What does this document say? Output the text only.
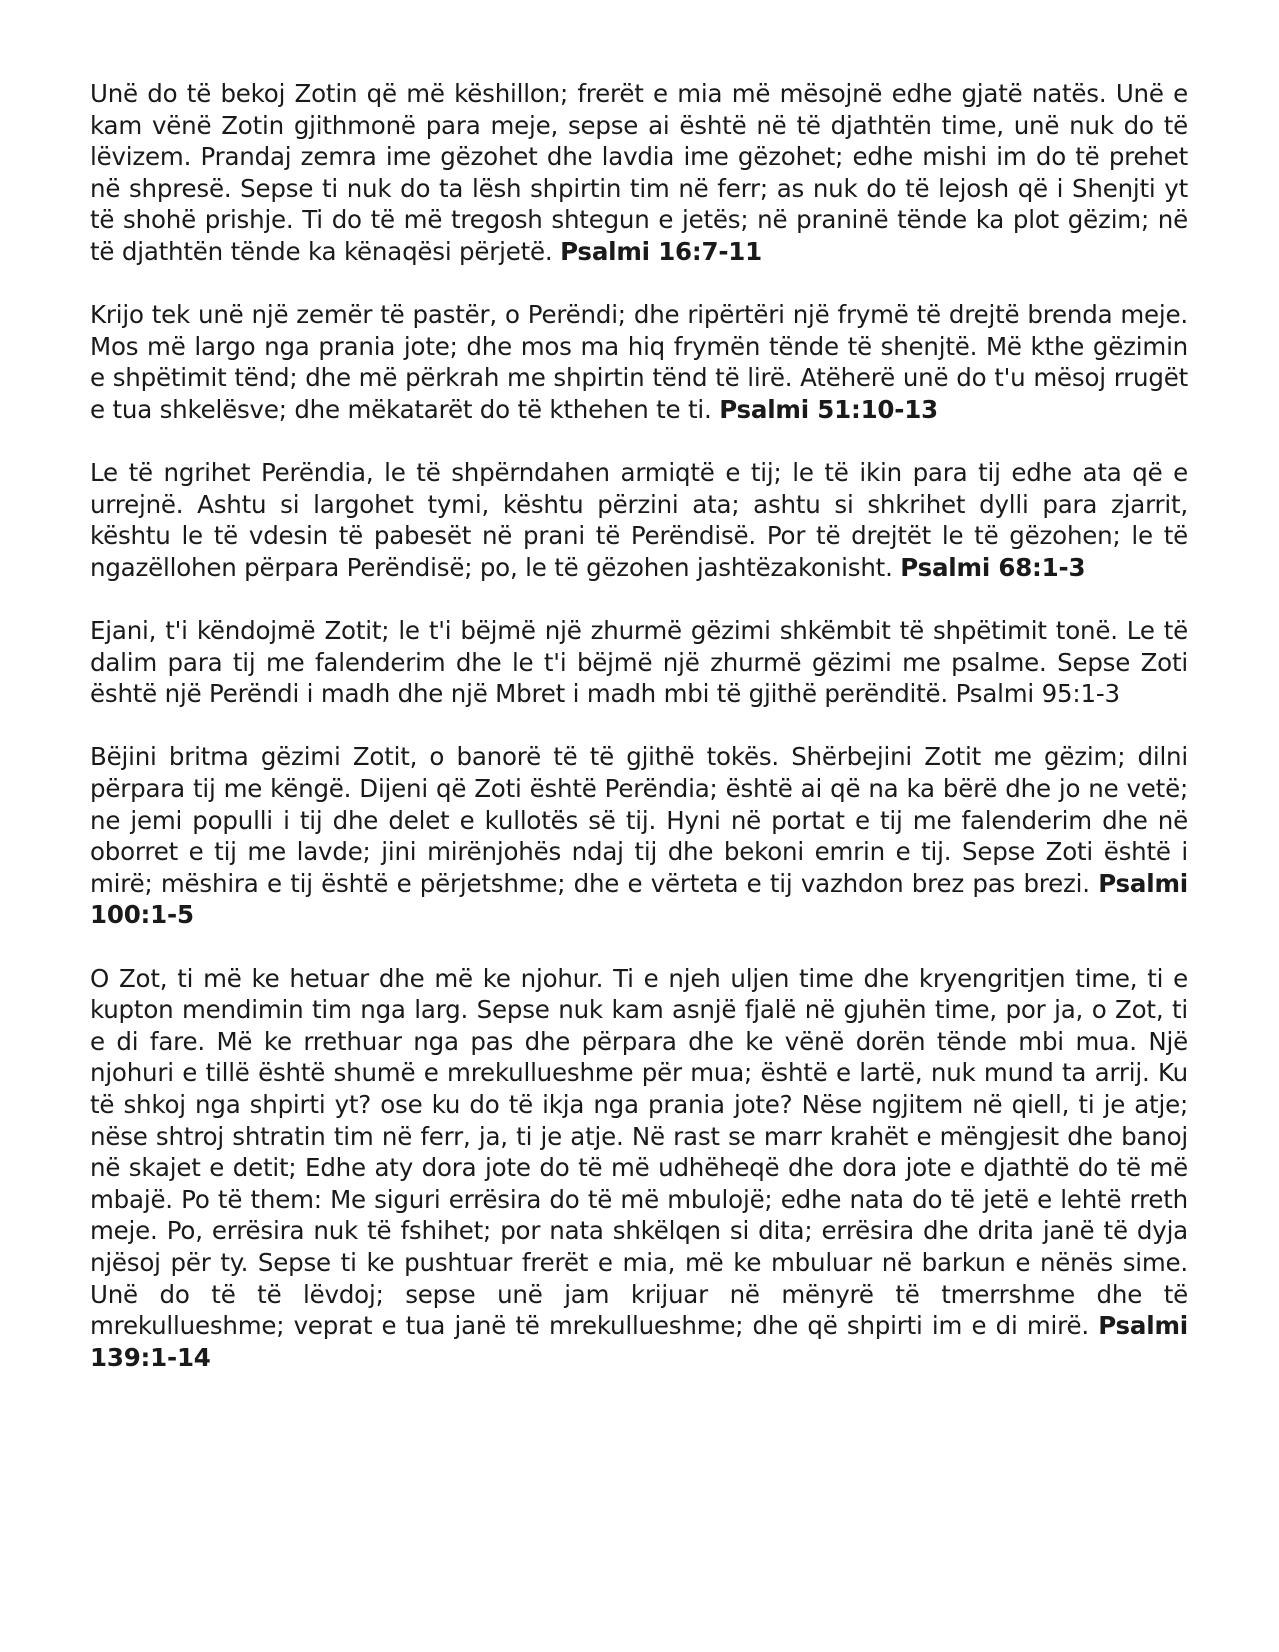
Unë do të bekoj Zotin që më këshillon; frerët e mia më mësojnë edhe gjatë natës. Unë e kam vënë Zotin gjithmonë para meje, sepse ai është në të djathtën time, unë nuk do të lëvizem. Prandaj zemra ime gëzohet dhe lavdia ime gëzohet; edhe mishi im do të prehet në shpresë. Sepse ti nuk do ta lësh shpirtin tim në ferr; as nuk do të lejosh që i Shenjti yt të shohë prishje. Ti do të më tregosh shtegun e jetës; në praninë tënde ka plot gëzim; në të djathtën tënde ka kënaqësi përjetë. Psalmi 16:7-11

Krijo tek unë një zemër të pastër, o Perëndi; dhe ripërtëri një frymë të drejtë brenda meje. Mos më largo nga prania jote; dhe mos ma hiq frymën tënde të shenjtë. Më kthe gëzimin e shpëtimit tënd; dhe më përkrah me shpirtin tënd të lirë. Atëherë unë do t'u mësoj rrugët e tua shkelësve; dhe mëkatarët do të kthehen te ti. Psalmi 51:10-13

Le të ngrihet Perëndia, le të shpërndahen armiqtë e tij; le të ikin para tij edhe ata që e urrejnë. Ashtu si largohet tymi, kështu përzini ata; ashtu si shkrihet dylli para zjarrit, kështu le të vdesin të pabesët në prani të Perëndisë. Por të drejtët le të gëzohen; le të ngazëllohen përpara Perëndisë; po, le të gëzohen jashtëzakonisht. Psalmi 68:1-3

Ejani, t'i këndojmë Zotit; le t'i bëjmë një zhurmë gëzimi shkëmbit të shpëtimit tonë. Le të dalim para tij me falenderim dhe le t'i bëjmë një zhurmë gëzimi me psalme. Sepse Zoti është një Perëndi i madh dhe një Mbret i madh mbi të gjithë perënditë. Psalmi 95:1-3

Bëjini britma gëzimi Zotit, o banorë të të gjithë tokës. Shërbejini Zotit me gëzim; dilni përpara tij me këngë. Dijeni që Zoti është Perëndia; është ai që na ka bërë dhe jo ne vetë; ne jemi populli i tij dhe delet e kullotës së tij. Hyni në portat e tij me falenderim dhe në oborret e tij me lavde; jini mirënjohës ndaj tij dhe bekoni emrin e tij. Sepse Zoti është i mirë; mëshira e tij është e përjetshme; dhe e vërteta e tij vazhdon brez pas brezi. Psalmi 100:1-5

O Zot, ti më ke hetuar dhe më ke njohur. Ti e njeh uljen time dhe kryengritjen time, ti e kupton mendimin tim nga larg. Sepse nuk kam asnjë fjalë në gjuhën time, por ja, o Zot, ti e di fare. Më ke rrethuar nga pas dhe përpara dhe ke vënë dorën tënde mbi mua. Një njohuri e tillë është shumë e mrekullueshme për mua; është e lartë, nuk mund ta arrij. Ku të shkoj nga shpirti yt? ose ku do të ikja nga prania jote? Nëse ngjitem në qiell, ti je atje; nëse shtroj shtratin tim në ferr, ja, ti je atje. Në rast se marr krahët e mëngjesit dhe banoj në skajet e detit; Edhe aty dora jote do të më udhëheqë dhe dora jote e djathtë do të më mbajë. Po të them: Me siguri errësira do të më mbulojë; edhe nata do të jetë e lehtë rreth meje. Po, errësira nuk të fshihet; por nata shkëlqen si dita; errësira dhe drita janë të dyja njësoj për ty. Sepse ti ke pushtuar frerët e mia, më ke mbuluar në barkun e nënës sime. Unë do të të lëvdoj; sepse unë jam krijuar në mënyrë të tmerrshme dhe të mrekullueshme; veprat e tua janë të mrekullueshme; dhe që shpirti im e di mirë. Psalmi 139:1-14
